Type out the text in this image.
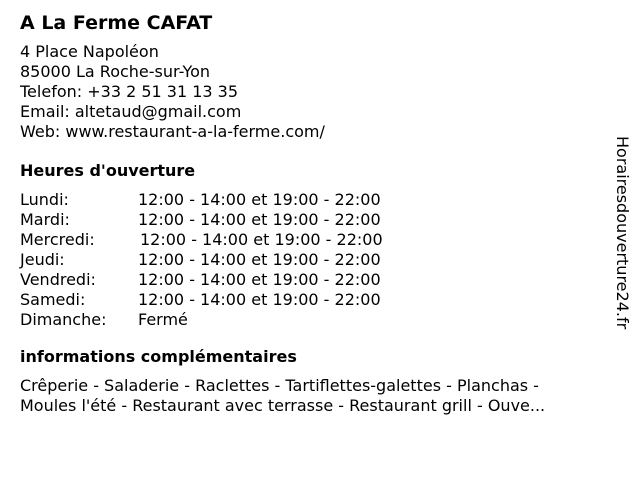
A La Ferme CAFAT
4 Place Napoléon
85000 La Roche-sur-Yon
Telefon: +33 2 51 31 13 35
Email: altetaud@gmail.com
Web: www.restaurant-a-la-ferme.com/
Heures d'ouverture
Lundi:	12:00 - 14:00 et 19:00 - 22:00
Mardi:	12:00 - 14:00 et 19:00 - 22:00
Mercredi:	12:00 - 14:00 et 19:00 - 22:00
Jeudi:	12:00 - 14:00 et 19:00 - 22:00
Vendredi:	12:00 - 14:00 et 19:00 - 22:00
Samedi:	12:00 - 14:00 et 19:00 - 22:00
Dimanche:	Fermé
informations complémentaires
Crêperie - Saladerie - Raclettes - Tartiflettes-galettes - Planchas -
Moules l'été - Restaurant avec terrasse - Restaurant grill - Ouve...
Horairesdouverture24.fr
